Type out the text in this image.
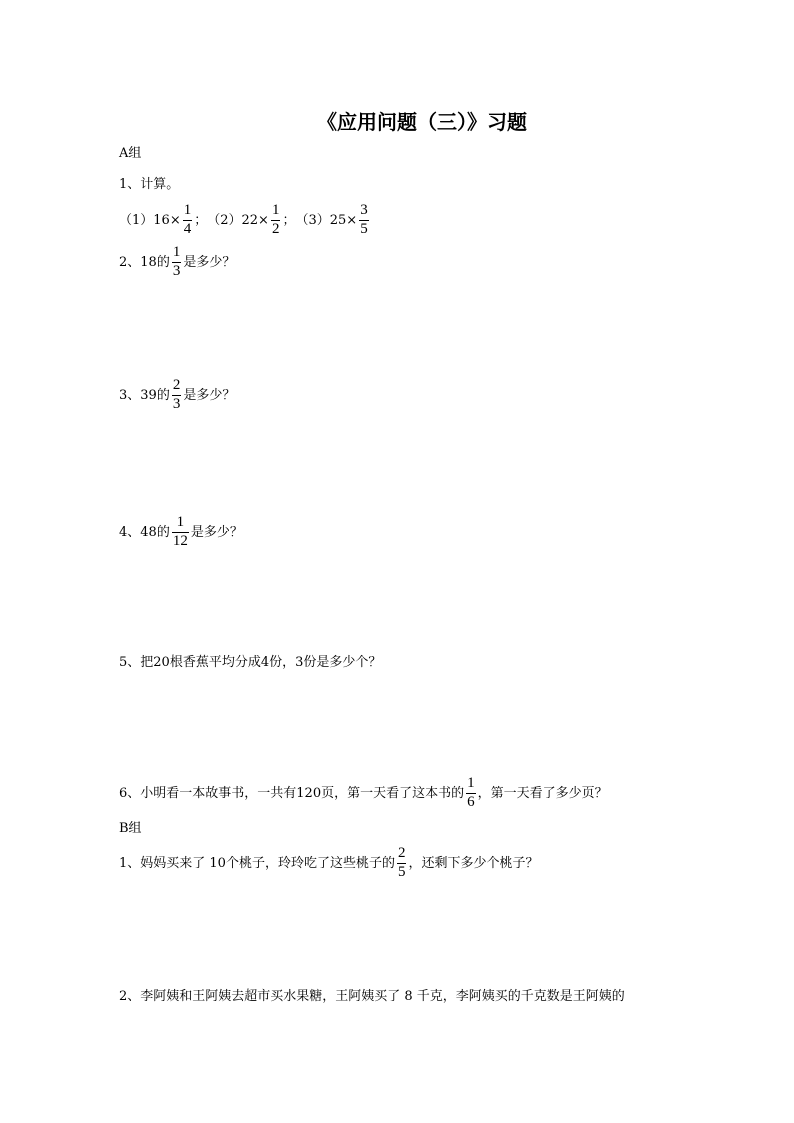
《应用问题（三）》习题
A组
1、计算。
$(1)16\times \frac{1}{4}$ ； $(2)22\times \frac{1}{2}$ ； $(3)25\times \frac{3}{5}$
2、18的 $\frac{1}{3}$ 是多少？
3、39的 $\frac{2}{3}$ 是多少？
4、48的 $\frac{1}{12}$ 是多少？
5、把20根香蕉平均分成4份，3份是多少个？
6、小明看一本故事书，一共有120页，第一天看了这本书的 $\frac{1}{6}$ ，第一天看了多少页？
B组
1、妈妈买来了 10个桃子，玲玲吃了这些桃子的 $\frac{2}{5}$ ，还剩下多少个桃子？
2、李阿姨和王阿姨去超市买水果糖，王阿姨买了 8 千克，李阿姨买的千克数是王阿姨的
